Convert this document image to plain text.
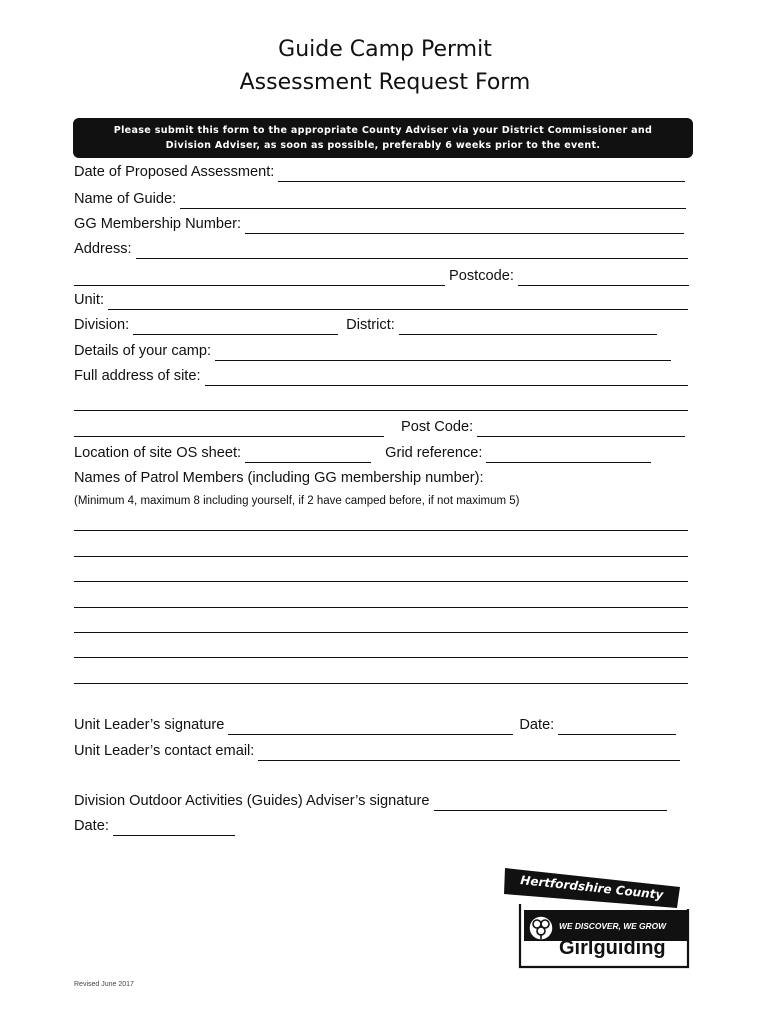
Guide Camp Permit
Assessment Request Form
Please submit this form to the appropriate County Adviser via your District Commissioner and
Division Adviser, as soon as possible, preferably 6 weeks prior to the event.
Date of Proposed Assessment:
Name of Guide:
GG Membership Number:
Address:
Postcode:
Unit:
Division:	District:
Details of your camp:
Full address of site:
Post Code:
Location of site OS sheet:	Grid reference:
Names of Patrol Members (including GG membership number):
(Minimum 4, maximum 8 including yourself, if 2 have camped before, if not maximum 5)
Unit Leader’s signature	Date:
Unit Leader’s contact email:
Division Outdoor Activities (Guides) Adviser’s signature
Date:
Hertfordshire County
WE DISCOVER, WE GROW
Girlguiding
Revised June 2017
